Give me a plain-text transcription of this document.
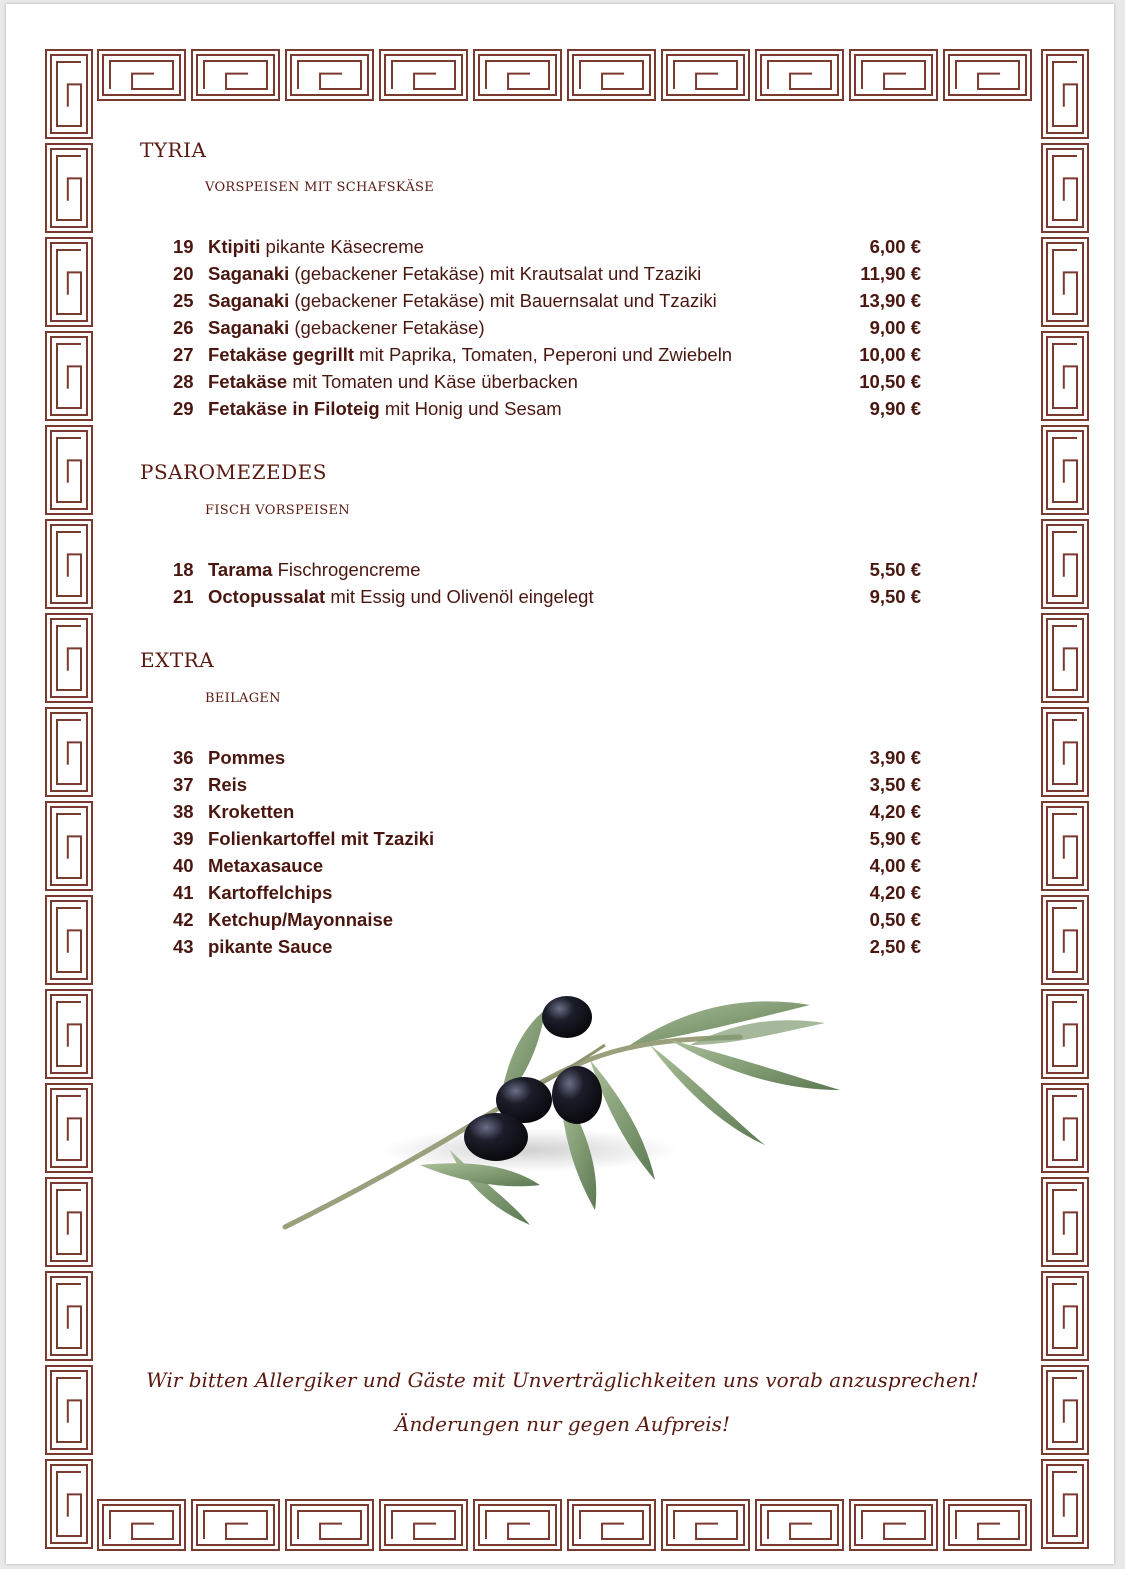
TYRIA
VORSPEISEN MIT SCHAFSKÄSE
19 Ktipiti pikante Käsecreme	6,00 €
20 Saganaki (gebackener Fetakäse) mit Krautsalat und Tzaziki	11,90 €
25 Saganaki (gebackener Fetakäse) mit Bauernsalat und Tzaziki	13,90 €
26 Saganaki (gebackener Fetakäse)	9,00 €
27 Fetakäse gegrillt mit Paprika, Tomaten, Peperoni und Zwiebeln	10,00 €
28 Fetakäse mit Tomaten und Käse überbacken	10,50 €
29 Fetakäse in Filoteig mit Honig und Sesam	9,90 €
PSAROMEZEDES
FISCH VORSPEISEN
18 Tarama Fischrogencreme	5,50 €
21 Octopussalat mit Essig und Olivenöl eingelegt	9,50 €
EXTRA
BEILAGEN
36 Pommes	3,90 €
37 Reis	3,50 €
38 Kroketten	4,20 €
39 Folienkartoffel mit Tzaziki	5,90 €
40 Metaxasauce	4,00 €
41 Kartoffelchips	4,20 €
42 Ketchup/Mayonnaise	0,50 €
43 pikante Sauce	2,50 €
Wir bitten Allergiker und Gäste mit Unverträglichkeiten uns vorab anzusprechen!
Änderungen nur gegen Aufpreis!
